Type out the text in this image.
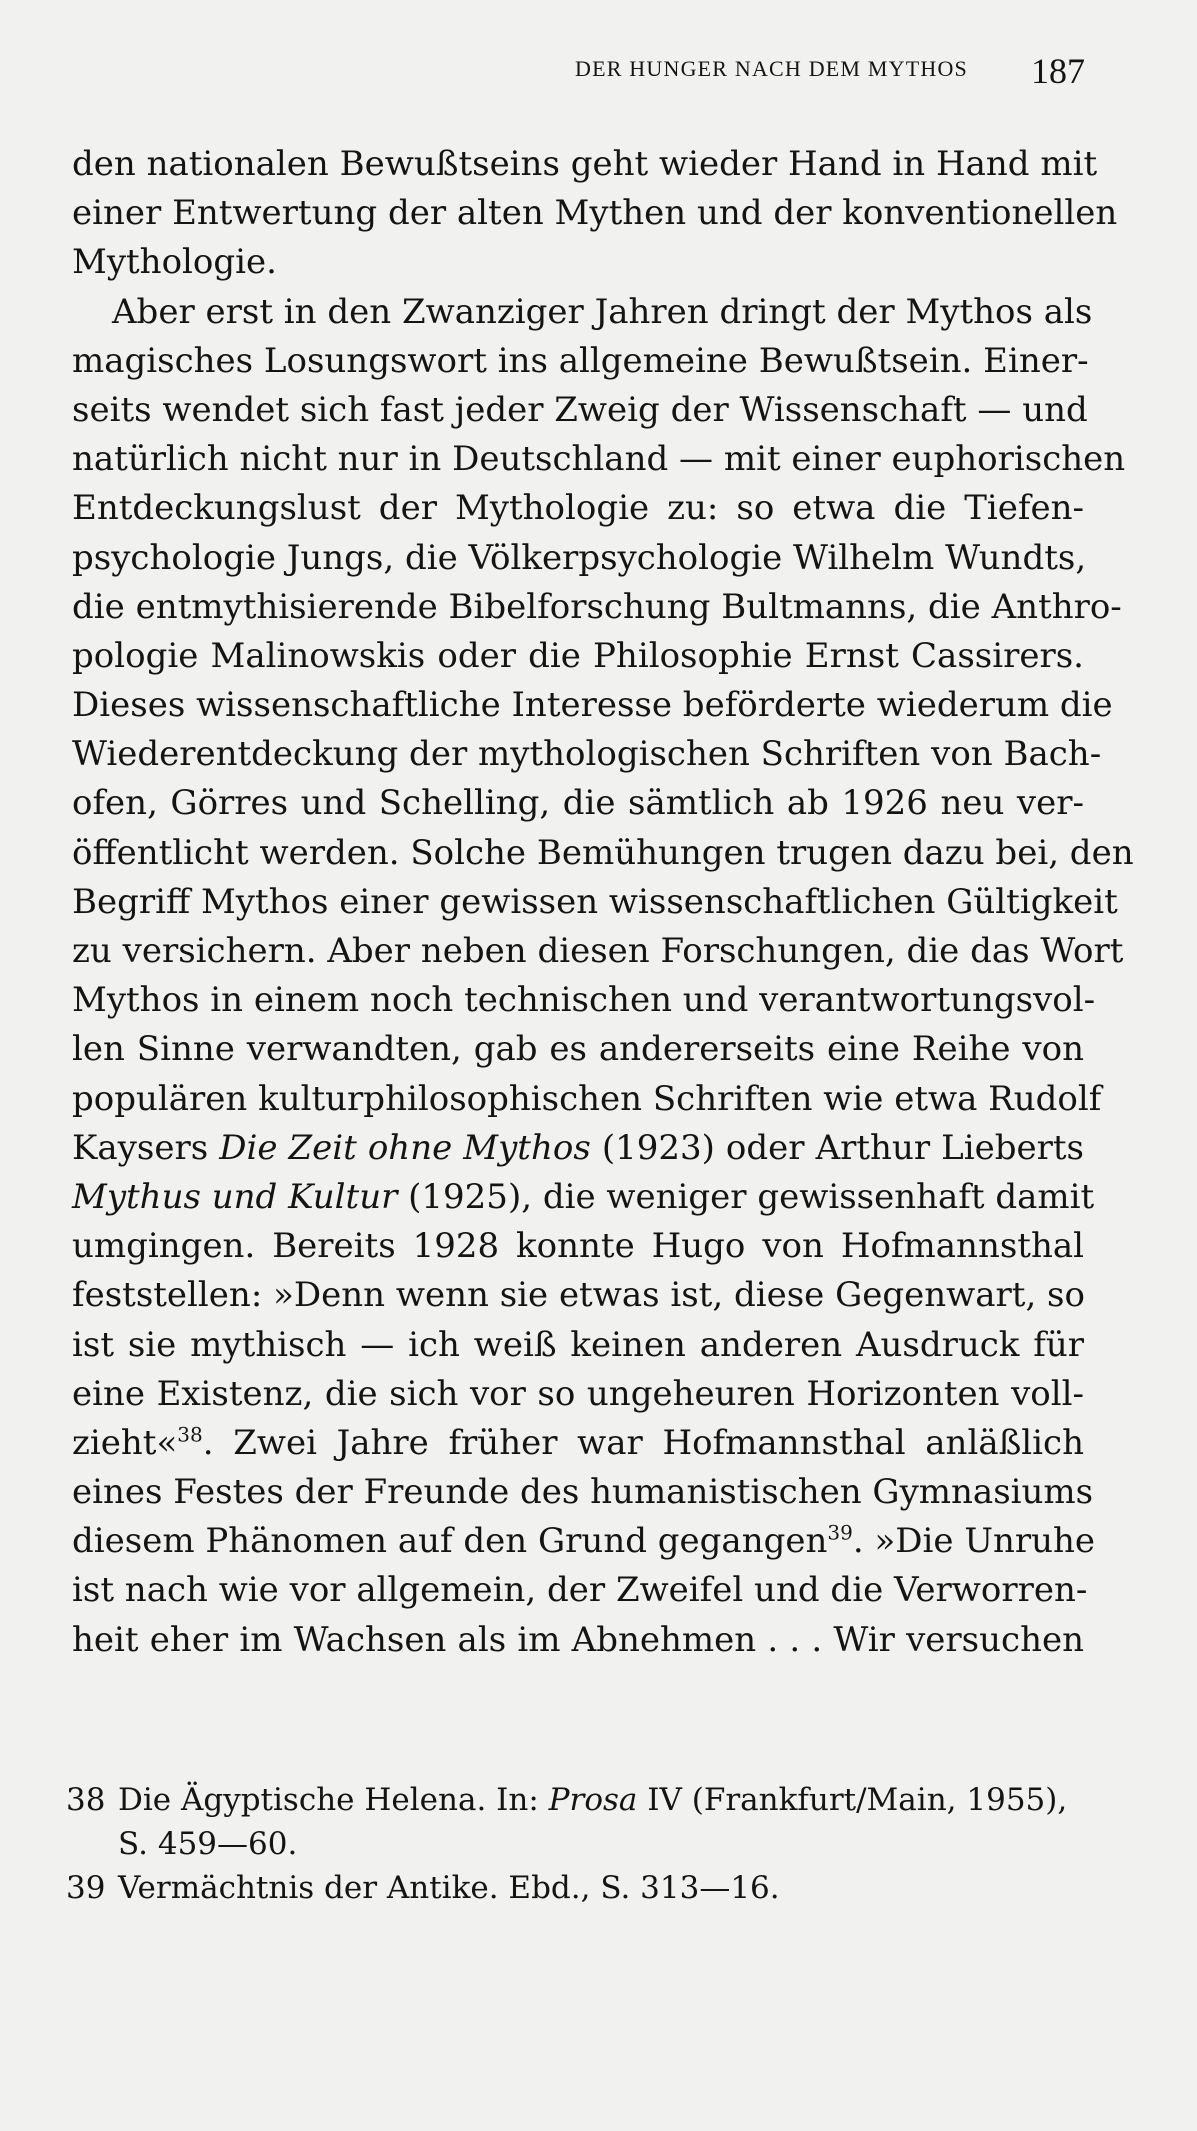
DER HUNGER NACH DEM MYTHOS 187
den nationalen Bewußtseins geht wieder Hand in Hand mit
einer Entwertung der alten Mythen und der konventionellen
Mythologie.
Aber erst in den Zwanziger Jahren dringt der Mythos als
magisches Losungswort ins allgemeine Bewußtsein. Einer-
seits wendet sich fast jeder Zweig der Wissenschaft — und
natürlich nicht nur in Deutschland — mit einer euphorischen
Entdeckungslust der Mythologie zu: so etwa die Tiefen-
psychologie Jungs, die Völkerpsychologie Wilhelm Wundts,
die entmythisierende Bibelforschung Bultmanns, die Anthro-
pologie Malinowskis oder die Philosophie Ernst Cassirers.
Dieses wissenschaftliche Interesse beförderte wiederum die
Wiederentdeckung der mythologischen Schriften von Bach-
ofen, Görres und Schelling, die sämtlich ab 1926 neu ver-
öffentlicht werden. Solche Bemühungen trugen dazu bei, den
Begriff Mythos einer gewissen wissenschaftlichen Gültigkeit
zu versichern. Aber neben diesen Forschungen, die das Wort
Mythos in einem noch technischen und verantwortungsvol-
len Sinne verwandten, gab es andererseits eine Reihe von
populären kulturphilosophischen Schriften wie etwa Rudolf
Kaysers Die Zeit ohne Mythos (1923) oder Arthur Lieberts
Mythus und Kultur (1925), die weniger gewissenhaft damit
umgingen. Bereits 1928 konnte Hugo von Hofmannsthal
feststellen: »Denn wenn sie etwas ist, diese Gegenwart, so
ist sie mythisch — ich weiß keinen anderen Ausdruck für
eine Existenz, die sich vor so ungeheuren Horizonten voll-
zieht«$^{38}$. Zwei Jahre früher war Hofmannsthal anläßlich
eines Festes der Freunde des humanistischen Gymnasiums
diesem Phänomen auf den Grund gegangen$^{39}$. »Die Unruhe
ist nach wie vor allgemein, der Zweifel und die Verworren-
heit eher im Wachsen als im Abnehmen . . . Wir versuchen
38 Die Ägyptische Helena. In: Prosa IV (Frankfurt/Main, 1955),
S. 459—60.
39 Vermächtnis der Antike. Ebd., S. 313—16.
